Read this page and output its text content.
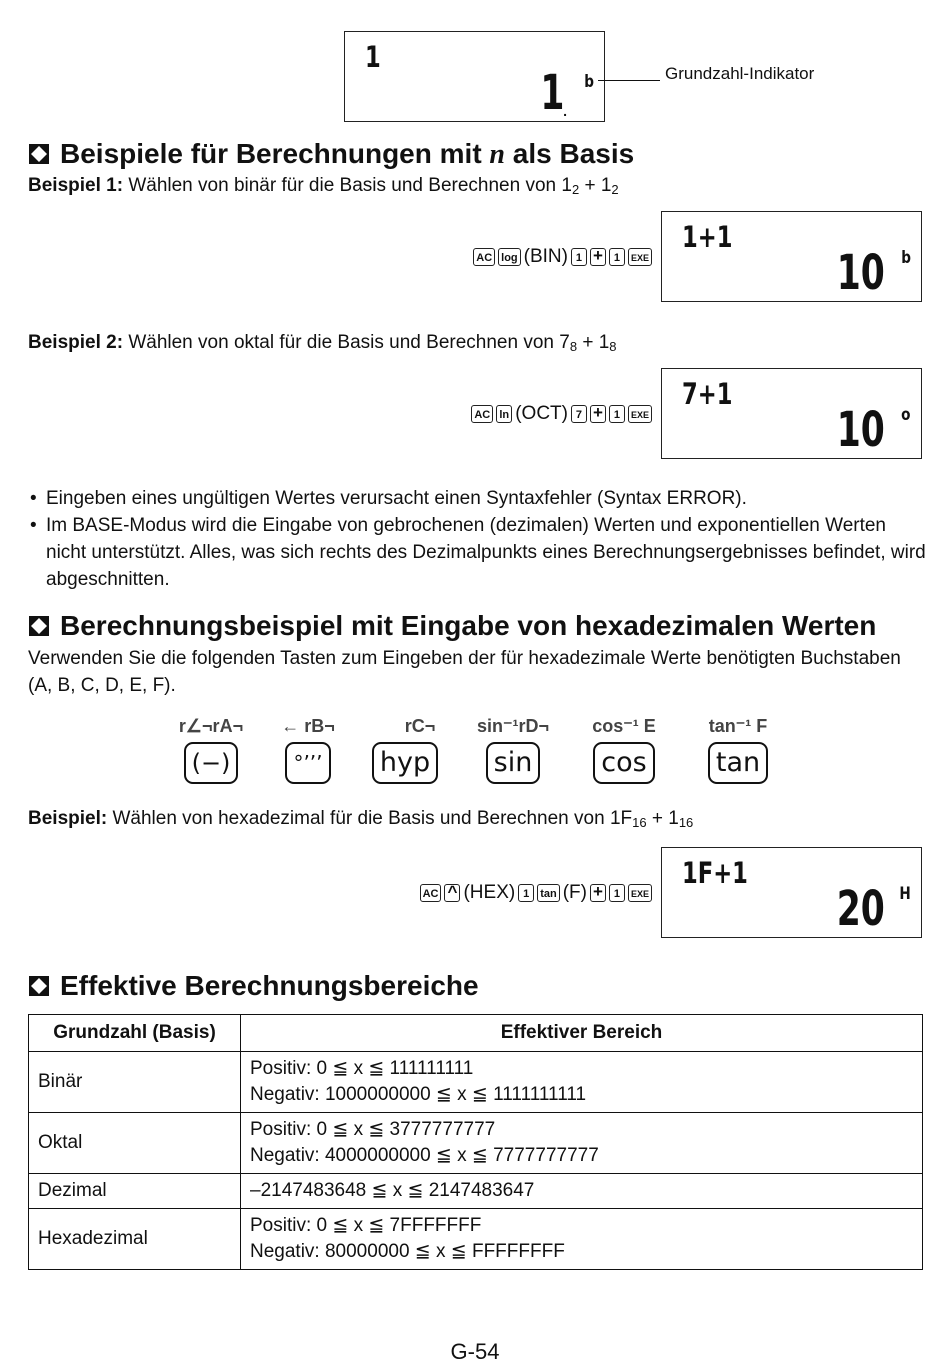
1
1 .
b	Grundzahl-Indikator
Beispiele für Berechnungen mit n als Basis
Beispiel 1: Wählen von binär für die Basis und Berechnen von $1_2 + 1_2$
AC log (BIN) 1 + 1	EXE
1+1
10 b
Beispiel 2: Wählen von oktal für die Basis und Berechnen von $7_8 + 1_8$
AC ln (OCT) 7 + 1	EXE
7+1
10 o
• Eingeben eines ungültigen Wertes verursacht einen Syntaxfehler (Syntax ERROR).
• Im BASE-Modus wird die Eingabe von gebrochenen (dezimalen) Werten und exponentiellen Werten nicht unterstützt. Alles, was sich rechts des Dezimalpunkts eines Berechnungsergebnisses befindet, wird abgeschnitten.
Berechnungsbeispiel mit Eingabe von hexadezimalen Werten
Verwenden Sie die folgenden Tasten zum Eingeben der für hexadezimale Werte benötigten Buchstaben (A, B, C, D, E, F).
r∠¬rA¬
(−)
← rB¬
°’’’
rC¬
hyp
sin⁻¹rD¬
sin
cos⁻¹ E
cos
tan⁻¹ F
tan
Beispiel: Wählen von hexadezimal für die Basis und Berechnen von $1F_{16} + 1_{16}$
AC ^ (HEX) 1 tan (F) + 1	EXE
1F+1
20 H
Effektive Berechnungsbereiche
Grundzahl (Basis)	Effektiver Bereich
Binär	Positiv: 0 ≦ x ≦ 111111111
Negativ: 1000000000 ≦ x ≦ 1111111111

Oktal	Positiv: 0 ≦ x ≦ 3777777777
Negativ: 4000000000 ≦ x ≦ 7777777777

Dezimal	–2147483648 ≦ x ≦ 2147483647

Hexadezimal	Positiv: 0 ≦ x ≦ 7FFFFFFF
Negativ: 80000000 ≦ x ≦ FFFFFFFF
G-54
